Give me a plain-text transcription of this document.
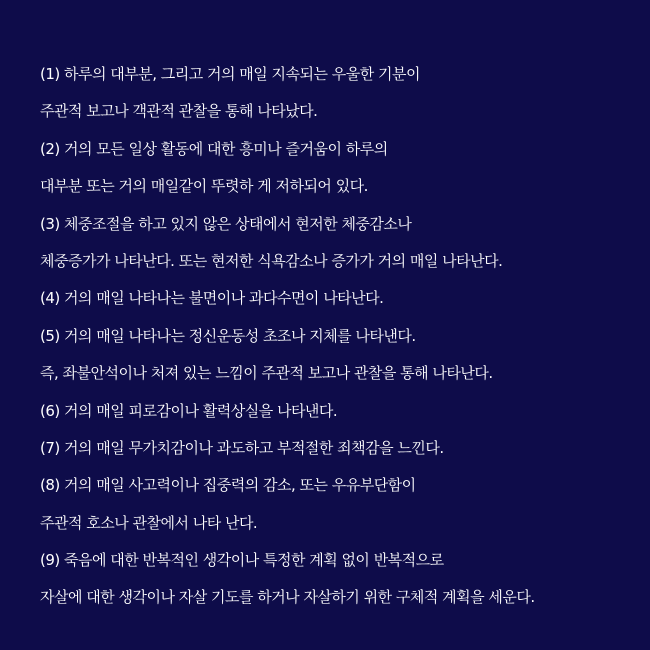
(1) 하루의 대부분, 그리고 거의 매일 지속되는 우울한 기분이
주관적 보고나 객관적 관찰을 통해 나타났다.
(2) 거의 모든 일상 활동에 대한 흥미나 즐거움이 하루의
대부분 또는 거의 매일같이 뚜렷하 게 저하되어 있다.
(3) 체중조절을 하고 있지 않은 상태에서 현저한 체중감소나
체중증가가 나타난다. 또는 현저한 식욕감소나 증가가 거의 매일 나타난다.
(4) 거의 매일 나타나는 불면이나 과다수면이 나타난다.
(5) 거의 매일 나타나는 정신운동성 초조나 지체를 나타낸다.
즉, 좌불안석이나 처져 있는 느낌이 주관적 보고나 관찰을 통해 나타난다.
(6) 거의 매일 피로감이나 활력상실을 나타낸다.
(7) 거의 매일 무가치감이나 과도하고 부적절한 죄책감을 느낀다.
(8) 거의 매일 사고력이나 집중력의 감소, 또는 우유부단함이
주관적 호소나 관찰에서 나타 난다.
(9) 죽음에 대한 반복적인 생각이나 특정한 계획 없이 반복적으로
자살에 대한 생각이나 자살 기도를 하거나 자살하기 위한 구체적 계획을 세운다.
